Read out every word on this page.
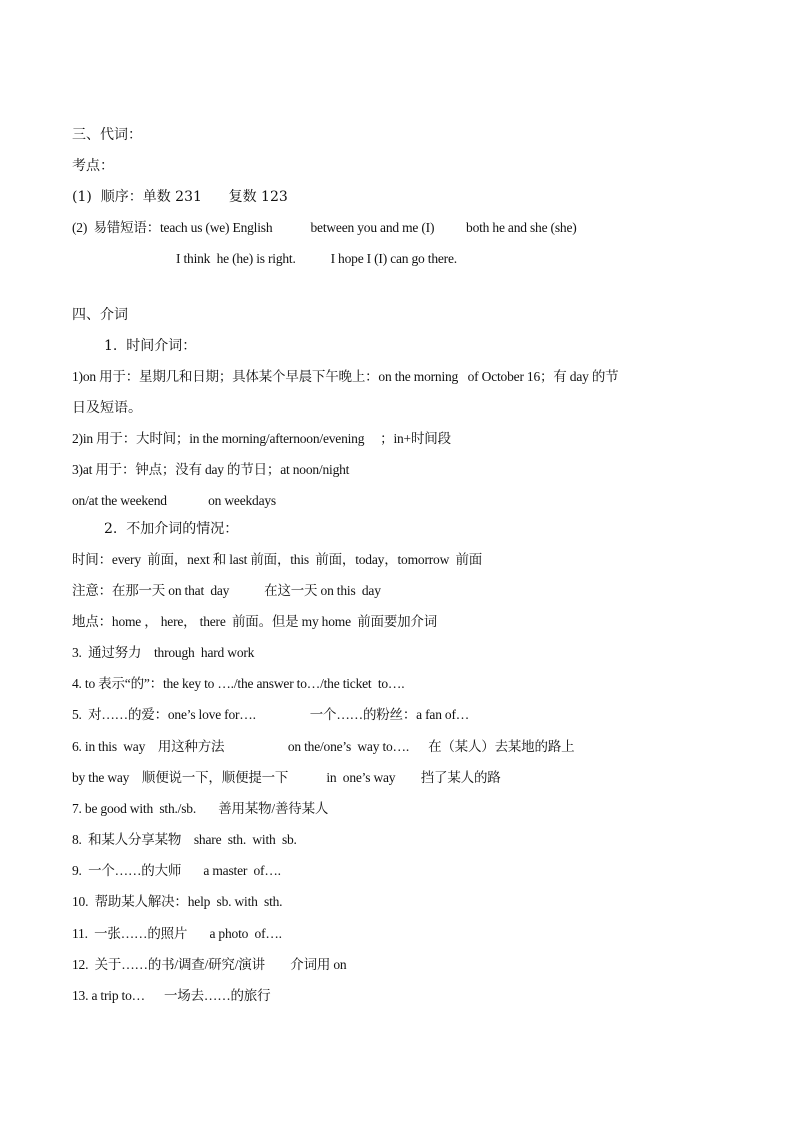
三、代词：
考点：
(1)  顺序：单数 231      复数 123
(2)  易错短语：teach us (we) English            between you and me (I)          both he and she (she)
I think  he (he) is right.           I hope I (I) can go there.
四、介词
1.  时间介词：
1)on 用于：星期几和日期；具体某个早晨下午晚上：on the morning   of October 16；有 day 的节
日及短语。
2)in 用于：大时间；in the morning/afternoon/evening     ；in+时间段
3)at 用于：钟点；没有 day 的节日；at noon/night
on/at the weekend             on weekdays
2.  不加介词的情况：
时间：every  前面，next 和 last 前面，this  前面，today，tomorrow  前面
注意：在那一天 on that  day           在这一天 on this  day
地点：home ， here， there  前面。但是 my home  前面要加介词
3.  通过努力    through  hard work
4. to 表示“的”：the key to …./the answer to…/the ticket  to….
5.  对……的爱：one’s love for….                 一个……的粉丝：a fan of…
6. in this  way    用这种方法                    on the/one’s  way to….      在（某人）去某地的路上
by the way    顺便说一下，顺便提一下            in  one’s way        挡了某人的路
7. be good with  sth./sb.       善用某物/善待某人
8.  和某人分享某物    share  sth.  with  sb.
9.  一个……的大师       a master  of….
10.  帮助某人解决：help  sb. with  sth.
11.  一张……的照片       a photo  of….
12.  关于……的书/调查/研究/演讲        介词用 on
13. a trip to…      一场去……的旅行
